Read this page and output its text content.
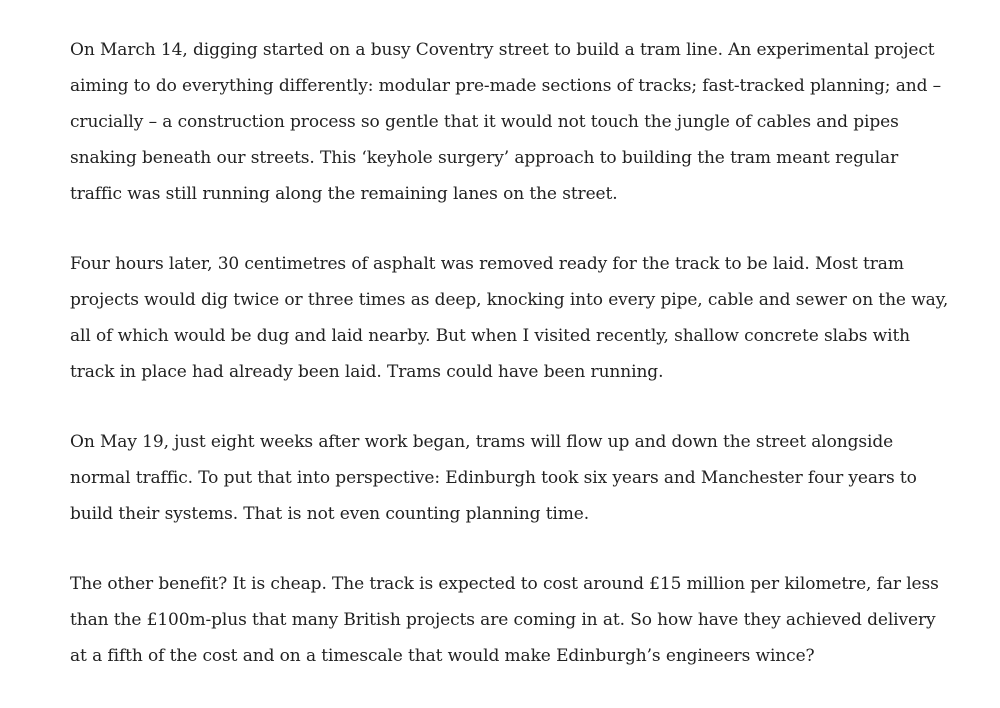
On March 14, digging started on a busy Coventry street to build a tram line. An experimental project aiming to do everything differently: modular pre-made sections of tracks; fast-tracked planning; and – crucially – a construction process so gentle that it would not touch the jungle of cables and pipes snaking beneath our streets. This ‘keyhole surgery’ approach to building the tram meant regular traffic was still running along the remaining lanes on the street.

Four hours later, 30 centimetres of asphalt was removed ready for the track to be laid. Most tram projects would dig twice or three times as deep, knocking into every pipe, cable and sewer on the way, all of which would be dug and laid nearby. But when I visited recently, shallow concrete slabs with track in place had already been laid. Trams could have been running.

On May 19, just eight weeks after work began, trams will flow up and down the street alongside normal traffic. To put that into perspective: Edinburgh took six years and Manchester four years to build their systems. That is not even counting planning time.

The other benefit? It is cheap. The track is expected to cost around £15 million per kilometre, far less than the £100m-plus that many British projects are coming in at. So how have they achieved delivery at a fifth of the cost and on a timescale that would make Edinburgh’s engineers wince?
